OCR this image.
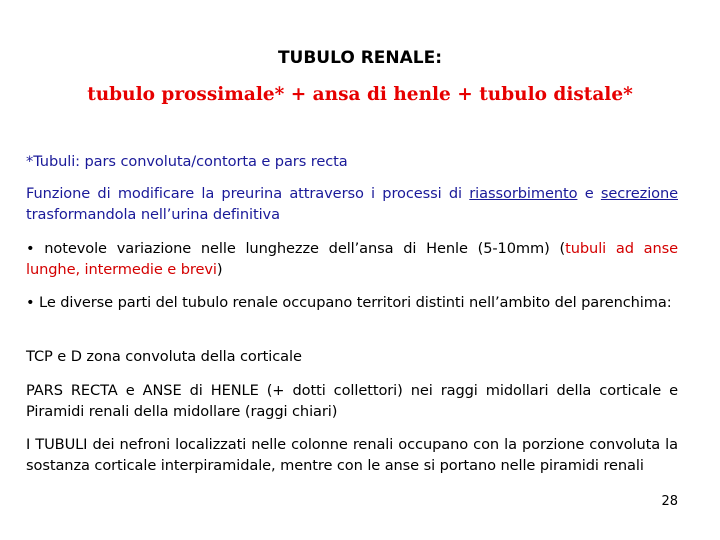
TUBULO RENALE:
tubulo prossimale* + ansa di henle + tubulo distale*
*Tubuli: pars convoluta/contorta e pars recta
Funzione di modificare la preurina attraverso i processi di riassorbimento e secrezione trasformandola nell’urina definitiva
• notevole variazione nelle lunghezze dell’ansa di Henle (5-10mm) (tubuli ad anse lunghe, intermedie e brevi)
• Le diverse parti del tubulo renale occupano territori distinti nell’ambito del parenchima:
TCP e D zona convoluta della corticale
PARS RECTA e ANSE di HENLE (+ dotti collettori) nei raggi midollari della corticale e Piramidi renali della midollare (raggi chiari)
I TUBULI dei nefroni localizzati nelle colonne renali occupano con la porzione convoluta la sostanza corticale interpiramidale, mentre con le anse si portano nelle piramidi renali
28
